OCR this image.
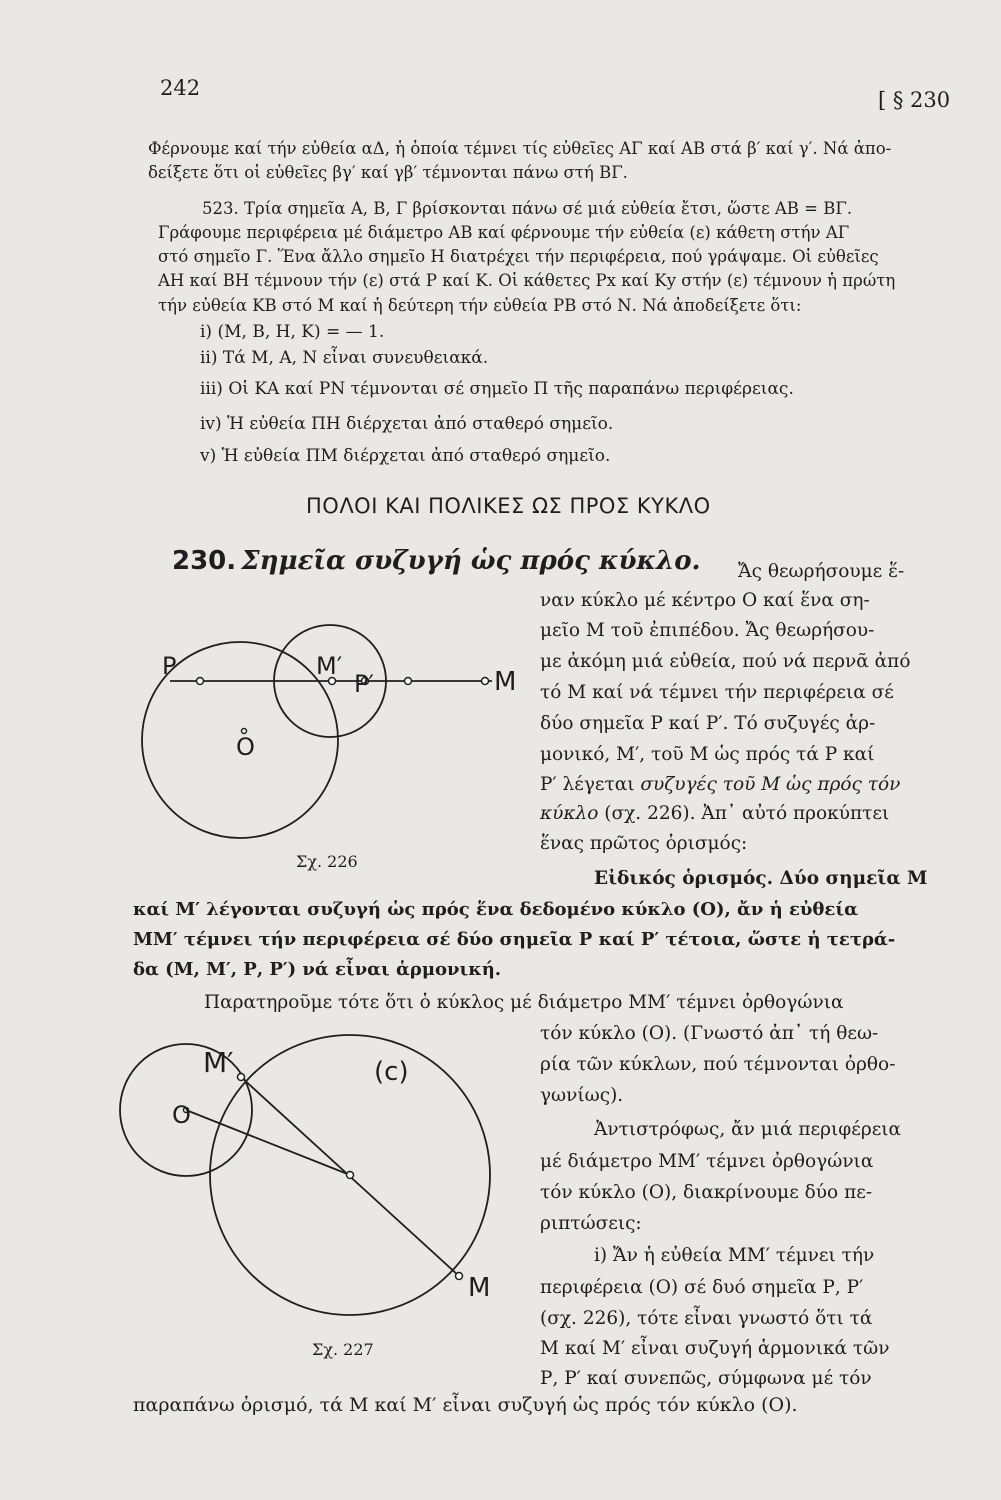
242	[ § 230
Φέρνουμε καί τήν εὐθεία αΔ, ἡ ὁποία τέμνει τίς εὐθεῖες ΑΓ καί ΑΒ στά β′ καί γ′. Νά ἀπο-
δείξετε ὅτι οἱ εὐθεῖες βγ′ καί γβ′ τέμνονται πάνω στή ΒΓ.
523. Τρία σημεῖα Α, Β, Γ βρίσκονται πάνω σέ μιά εὐθεία ἔτσι, ὥστε ΑΒ = ΒΓ.
Γράφουμε περιφέρεια μέ διάμετρο ΑΒ καί φέρνουμε τήν εὐθεία (ε) κάθετη στήν ΑΓ
στό σημεῖο Γ. Ἕνα ἄλλο σημεῖο Η διατρέχει τήν περιφέρεια, πού γράψαμε. Οἱ εὐθεῖες
ΑΗ καί ΒΗ τέμνουν τήν (ε) στά Ρ καί Κ. Οἱ κάθετες Ρx καί Κy στήν (ε) τέμνουν ἡ πρώτη
τήν εὐθεία ΚΒ στό Μ καί ἡ δεύτερη τήν εὐθεία ΡΒ στό Ν. Νά ἀποδείξετε ὅτι:
i) (Μ, Β, Η, Κ) = — 1.
ii) Τά Μ, Α, Ν εἶναι συνευθειακά.
iii) Οἱ ΚΑ καί ΡΝ τέμνονται σέ σημεῖο Π τῆς παραπάνω περιφέρειας.
iv) Ἡ εὐθεία ΠΗ διέρχεται ἀπό σταθερό σημεῖο.
v) Ἡ εὐθεία ΠΜ διέρχεται ἀπό σταθερό σημεῖο.
ΠΟΛΟΙ ΚΑΙ ΠΟΛΙΚΕΣ ΩΣ ΠΡΟΣ ΚΥΚΛΟ
230. Σημεῖα συζυγή ὡς πρός κύκλο. Ἄς θεωρήσουμε ἕ-
ναν κύκλο μέ κέντρο Ο καί ἕνα ση-
μεῖο Μ τοῦ ἐπιπέδου. Ἄς θεωρήσου-
με ἀκόμη μιά εὐθεία, πού νά περνᾶ ἀπό
τό Μ καί νά τέμνει τήν περιφέρεια σέ
δύο σημεῖα Ρ καί Ρ′. Τό συζυγές ἁρ-
μονικό, Μ′, τοῦ Μ ὡς πρός τά Ρ καί
Ρ′ λέγεται συζυγές τοῦ Μ ὡς πρός τόν
κύκλο (σχ. 226). Ἀπ᾿ αὐτό προκύπτει
ἕνας πρῶτος ὁρισμός:
Εἰδικός ὁρισμός. Δύο σημεῖα Μ
P	M′
P′	M
O
Σχ. 226
καί Μ′ λέγονται συζυγή ὡς πρός ἕνα δεδομένο κύκλο (Ο), ἄν ἡ εὐθεία
ΜΜ′ τέμνει τήν περιφέρεια σέ δύο σημεῖα Ρ καί Ρ′ τέτοια, ὥστε ἡ τετρά-
δα (Μ, Μ′, Ρ, Ρ′) νά εἶναι ἁρμονική.
Παρατηροῦμε τότε ὅτι ὁ κύκλος μέ διάμετρο ΜΜ′ τέμνει ὀρθογώνια
τόν κύκλο (Ο). (Γνωστό ἀπ᾿ τή θεω-
ρία τῶν κύκλων, πού τέμνονται ὀρθο-
γωνίως).
Ἀντιστρόφως, ἄν μιά περιφέρεια
μέ διάμετρο ΜΜ′ τέμνει ὀρθογώνια
τόν κύκλο (Ο), διακρίνουμε δύο πε-
ριπτώσεις:
i) Ἄν ἡ εὐθεία ΜΜ′ τέμνει τήν
περιφέρεια (Ο) σέ δυό σημεῖα Ρ, Ρ′
(σχ. 226), τότε εἶναι γνωστό ὅτι τά
Μ καί Μ′ εἶναι συζυγή ἁρμονικά τῶν
Ρ, Ρ′ καί συνεπῶς, σύμφωνα μέ τόν
M′	(c)
O
M
Σχ. 227
παραπάνω ὁρισμό, τά Μ καί Μ′ εἶναι συζυγή ὡς πρός τόν κύκλο (Ο).
